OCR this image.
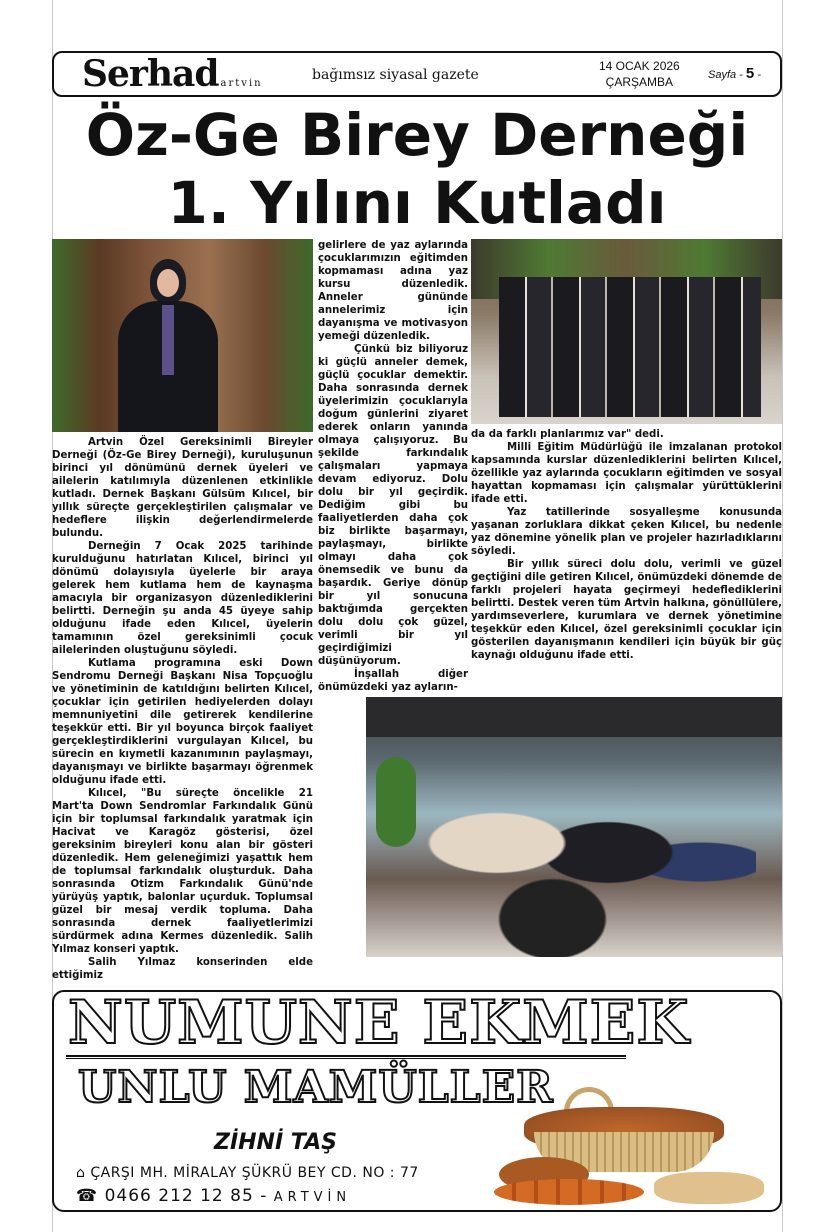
Serhad artvin
bağımsız siyasal gazete
14 OCAK 2026
ÇARŞAMBA	Sayfa - 5 -
Öz-Ge Birey Derneği
1. Yılını Kutladı

Artvin Özel Gereksinimli Bireyler Derneği (Öz-Ge Birey Derneği), kuruluşunun birinci yıl dönümünü dernek üyeleri ve ailelerin katılımıyla düzenlenen etkinlikle kutladı. Dernek Başkanı Gülsüm Kılıcel, bir yıllık süreçte gerçekleştirilen çalışmalar ve hedeflere ilişkin değerlendirmelerde bulundu.

Derneğin 7 Ocak 2025 tarihinde kurulduğunu hatırlatan Kılıcel, birinci yıl dönümü dolayısıyla üyelerle bir araya gelerek hem kutlama hem de kaynaşma amacıyla bir organizasyon düzenlediklerini belirtti. Derneğin şu anda 45 üyeye sahip olduğunu ifade eden Kılıcel, üyelerin tamamının özel gereksinimli çocuk ailelerinden oluştuğunu söyledi.

Kutlama programına eski Down Sendromu Derneği Başkanı Nisa Topçuoğlu ve yönetiminin de katıldığını belirten Kılıcel, çocuklar için getirilen hediyelerden dolayı memnuniyetini dile getirerek kendilerine teşekkür etti. Bir yıl boyunca birçok faaliyet gerçekleştirdiklerini vurgulayan Kılıcel, bu sürecin en kıymetli kazanımının paylaşmayı, dayanışmayı ve birlikte başarmayı öğrenmek olduğunu ifade etti.

Kılıcel, "Bu süreçte öncelikle 21 Mart'ta Down Sendromlar Farkındalık Günü için bir toplumsal farkındalık yaratmak için Hacivat ve Karagöz gösterisi, özel gereksinim bireyleri konu alan bir gösteri düzenledik. Hem geleneğimizi yaşattık hem de toplumsal farkındalık oluşturduk. Daha sonrasında Otizm Farkındalık Günü'nde yürüyüş yaptık, balonlar uçurduk. Toplumsal güzel bir mesaj verdik topluma. Daha sonrasında dernek faaliyetlerimizi sürdürmek adına Kermes düzenledik. Salih Yılmaz konseri yaptık.

Salih Yılmaz konserinden elde ettiğimiz

gelirlere de yaz aylarında çocuklarımızın eğitimden kopmaması adına yaz kursu düzenledik. Anneler gününde annelerimiz için dayanışma ve motivasyon yemeği düzenledik.

Çünkü biz biliyoruz ki güçlü anneler demek, güçlü çocuklar demektir. Daha sonrasında dernek üyelerimizin çocuklarıyla doğum günlerini ziyaret ederek onların yanında olmaya çalışıyoruz. Bu şekilde farkındalık çalışmaları yapmaya devam ediyoruz. Dolu dolu bir yıl geçirdik. Dediğim gibi bu faaliyetlerden daha çok biz birlikte başarmayı, paylaşmayı, birlikte olmayı daha çok önemsedik ve bunu da başardık. Geriye dönüp bir yıl sonucuna baktığımda gerçekten dolu dolu çok güzel, verimli bir yıl geçirdiğimizi düşünüyorum.

İnşallah diğer önümüzdeki yaz ayların-

da da farklı planlarımız var" dedi.

Milli Eğitim Müdürlüğü ile imzalanan protokol kapsamında kurslar düzenlediklerini belirten Kılıcel, özellikle yaz aylarında çocukların eğitimden ve sosyal hayattan kopmaması için çalışmalar yürüttüklerini ifade etti.

Yaz tatillerinde sosyalleşme konusunda yaşanan zorluklara dikkat çeken Kılıcel, bu nedenle yaz dönemine yönelik plan ve projeler hazırladıklarını söyledi.

Bir yıllık süreci dolu dolu, verimli ve güzel geçtiğini dile getiren Kılıcel, önümüzdeki dönemde de farklı projeleri hayata geçirmeyi hedeflediklerini belirtti. Destek veren tüm Artvin halkına, gönüllülere, yardımseverlere, kurumlara ve dernek yönetimine teşekkür eden Kılıcel, özel gereksinimli çocuklar için gösterilen dayanışmanın kendileri için büyük bir güç kaynağı olduğunu ifade etti.

NUMUNE EKMEK
UNLU MAMÜLLER
ZİHNİ TAŞ
⌂ ÇARŞI MH. MİRALAY ŞÜKRÜ BEY CD. NO : 77
☎ 0466 212 12 85 - ARTVİN
